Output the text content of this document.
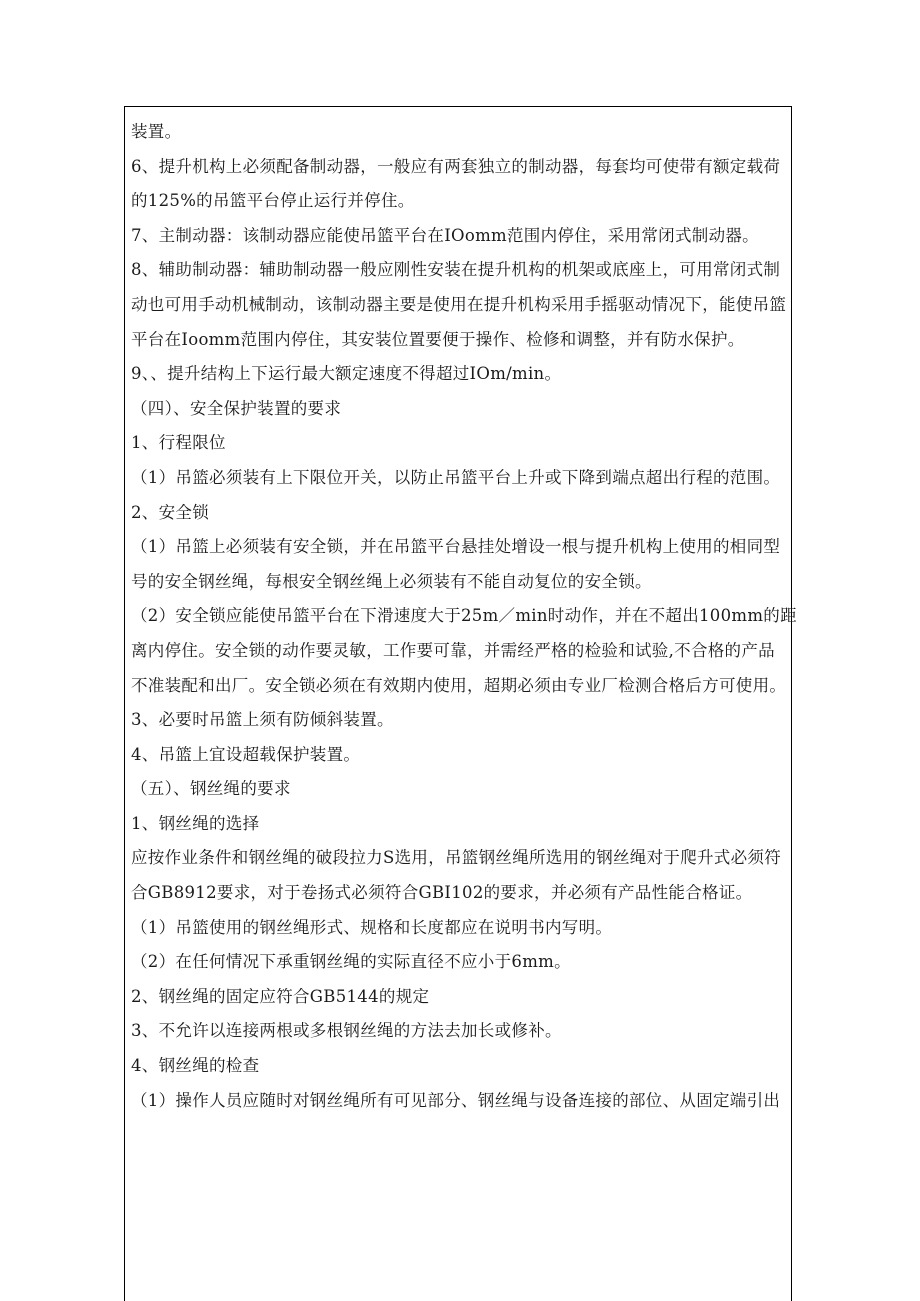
装置。
6、提升机构上必须配备制动器，一般应有两套独立的制动器，每套均可使带有额定载荷
的125%的吊篮平台停止运行并停住。
7、主制动器：该制动器应能使吊篮平台在IOomm范围内停住，采用常闭式制动器。
8、辅助制动器：辅助制动器一般应刚性安装在提升机构的机架或底座上，可用常闭式制
动也可用手动机械制动，该制动器主要是使用在提升机构采用手摇驱动情况下，能使吊篮
平台在Ioomm范围内停住，其安装位置要便于操作、检修和调整，并有防水保护。
9、、提升结构上下运行最大额定速度不得超过IOm/min。
（四）、安全保护装置的要求
1、行程限位
（1）吊篮必须装有上下限位开关，以防止吊篮平台上升或下降到端点超出行程的范围。
2、安全锁
（1）吊篮上必须装有安全锁，并在吊篮平台悬挂处增设一根与提升机构上使用的相同型
号的安全钢丝绳，每根安全钢丝绳上必须装有不能自动复位的安全锁。
（2）安全锁应能使吊篮平台在下滑速度大于25m／min时动作，并在不超出100mm的距
离内停住。安全锁的动作要灵敏，工作要可靠，并需经严格的检验和试验,不合格的产品
不准装配和出厂。安全锁必须在有效期内使用，超期必须由专业厂检测合格后方可使用。
3、必要时吊篮上须有防倾斜装置。
4、吊篮上宜设超载保护装置。
（五）、钢丝绳的要求
1、钢丝绳的选择
应按作业条件和钢丝绳的破段拉力S选用，吊篮钢丝绳所选用的钢丝绳对于爬升式必须符
合GB8912要求，对于卷扬式必须符合GBI102的要求，并必须有产品性能合格证。
（1）吊篮使用的钢丝绳形式、规格和长度都应在说明书内写明。
（2）在任何情况下承重钢丝绳的实际直径不应小于6mm。
2、钢丝绳的固定应符合GB5144的规定
3、不允许以连接两根或多根钢丝绳的方法去加长或修补。
4、钢丝绳的检查
（1）操作人员应随时对钢丝绳所有可见部分、钢丝绳与设备连接的部位、从固定端引出
